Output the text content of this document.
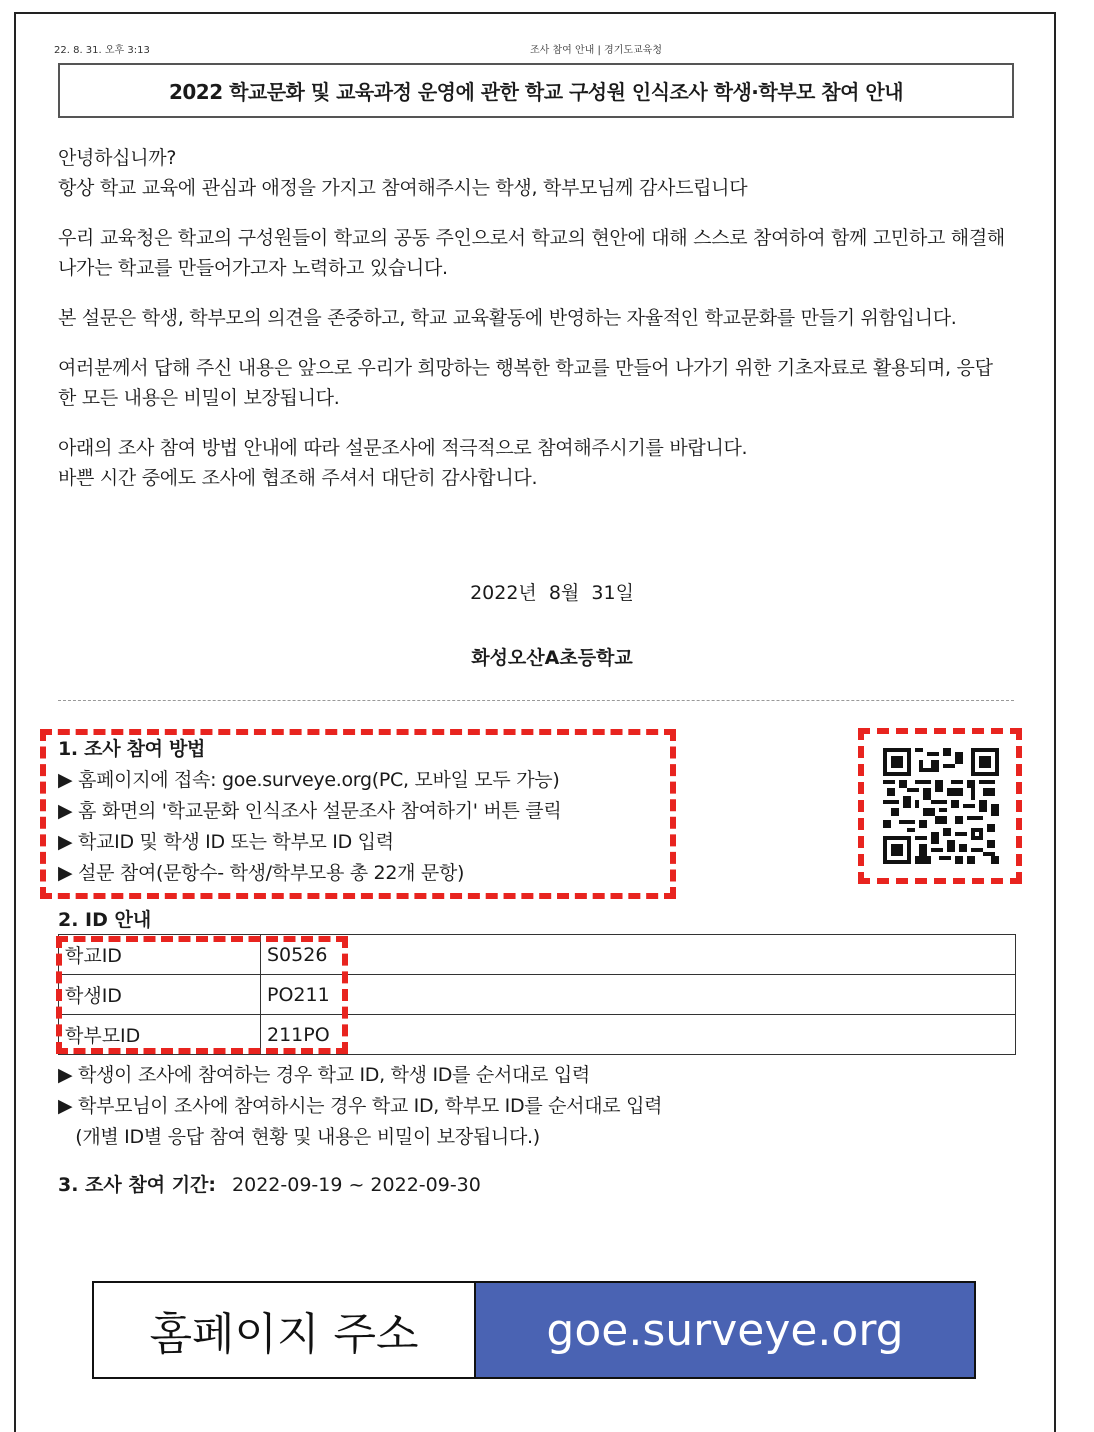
22. 8. 31. 오후 3:13	조사 참여 안내 | 경기도교육청
2022 학교문화 및 교육과정 운영에 관한 학교 구성원 인식조사 학생·학부모 참여 안내

안녕하십니까?
항상 학교 교육에 관심과 애정을 가지고 참여해주시는 학생, 학부모님께 감사드립니다

우리 교육청은 학교의 구성원들이 학교의 공동 주인으로서 학교의 현안에 대해 스스로 참여하여 함께 고민하고 해결해나가는 학교를 만들어가고자 노력하고 있습니다.

본 설문은 학생, 학부모의 의견을 존중하고, 학교 교육활동에 반영하는 자율적인 학교문화를 만들기 위함입니다.

여러분께서 답해 주신 내용은 앞으로 우리가 희망하는 행복한 학교를 만들어 나가기 위한 기초자료로 활용되며, 응답한 모든 내용은 비밀이 보장됩니다.

아래의 조사 참여 방법 안내에 따라 설문조사에 적극적으로 참여해주시기를 바랍니다.
바쁜 시간 중에도 조사에 협조해 주셔서 대단히 감사합니다.

2022년  8월  31일
화성오산A초등학교
1. 조사 참여 방법
▶ 홈페이지에 접속: goe.surveye.org(PC, 모바일 모두 가능)
▶ 홈 화면의 '학교문화 인식조사 설문조사 참여하기' 버튼 클릭
▶ 학교ID 및 학생 ID 또는 학부모 ID 입력
▶ 설문 참여(문항수- 학생/학부모용 총 22개 문항)
2. ID 안내
학교ID	S0526
학생ID	PO211
학부모ID	211PO
▶ 학생이 조사에 참여하는 경우 학교 ID, 학생 ID를 순서대로 입력
▶ 학부모님이 조사에 참여하시는 경우 학교 ID, 학부모 ID를 순서대로 입력
(개별 ID별 응답 참여 현황 및 내용은 비밀이 보장됩니다.)
3. 조사 참여 기간: 2022-09-19 ~ 2022-09-30
홈페이지 주소	goe.surveye.org
